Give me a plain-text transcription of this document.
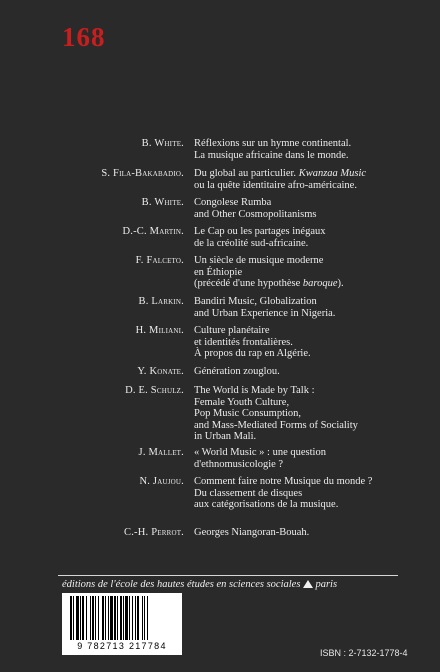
168
B. White. Réflexions sur un hymne continental.
La musique africaine dans le monde.
S. Fila-Bakabadio. Du global au particulier. Kwanzaa Music
ou la quête identitaire afro-américaine.
B. White. Congolese Rumba
and Other Cosmopolitanisms
D.-C. Martin. Le Cap ou les partages inégaux
de la créolité sud-africaine.
F. Falceto. Un siècle de musique moderne
en Éthiopie
(précédé d'une hypothèse baroque).
B. Larkin. Bandiri Music, Globalization
and Urban Experience in Nigeria.
H. Miliani. Culture planétaire
et identités frontalières.
À propos du rap en Algérie.
Y. Konate. Génération zouglou.
D. E. Schulz. The World is Made by Talk :
Female Youth Culture,
Pop Music Consumption,
and Mass-Mediated Forms of Sociality
in Urban Mali.
J. Mallet. « World Music » : une question
d'ethnomusicologie ?
N. Jaujou. Comment faire notre Musique du monde ?
Du classement de disques
aux catégorisations de la musique.
C.-H. Perrot. Georges Niangoran-Bouah.
éditions de l'école des hautes études en sciences sociales paris
9 782713 217784
ISBN : 2-7132-1778-4
